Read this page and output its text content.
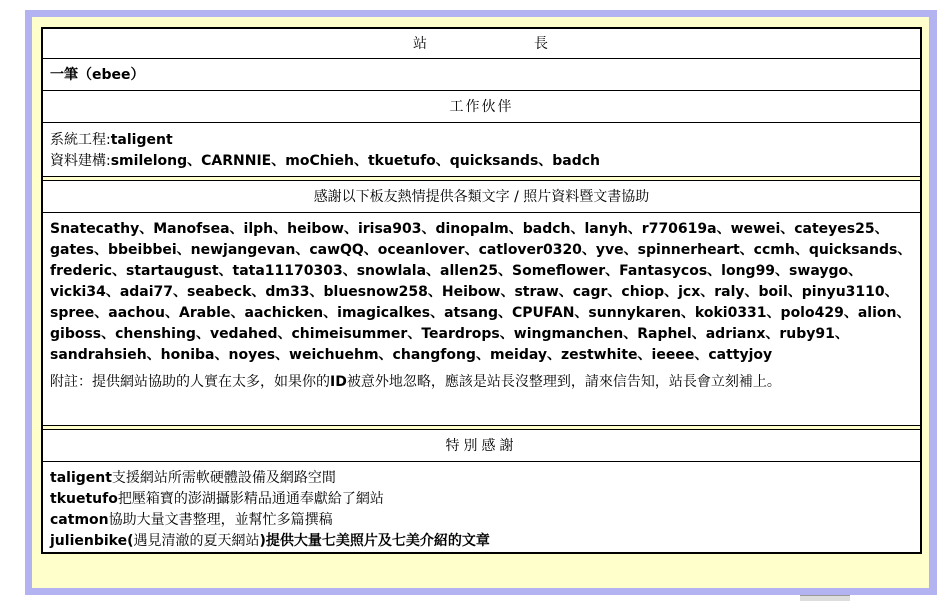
站	長
一筆（ebee）
工作伙伴
系統工程:taligent
資料建構:smilelong、CARNNIE、moChieh、tkuetufo、quicksands、badch
感謝以下板友熱情提供各類文字 / 照片資料暨文書協助
Snatecathy、Manofsea、ilph、heibow、irisa903、dinopalm、badch、lanyh、r770619a、wewei、cateyes25、gates、bbeibbei、newjangevan、cawQQ、oceanlover、catlover0320、yve、spinnerheart、ccmh、quicksands、frederic、startaugust、tata11170303、snowlala、allen25、Someflower、Fantasycos、long99、swaygo、vicki34、adai77、seabeck、dm33、bluesnow258、Heibow、straw、cagr、chiop、jcx、raly、boil、pinyu3110、spree、aachou、Arable、aachicken、imagicalkes、atsang、CPUFAN、sunnykaren、koki0331、polo429、alion、giboss、chenshing、vedahed、chimeisummer、Teardrops、wingmanchen、Raphel、adrianx、ruby91、sandrahsieh、honiba、noyes、weichuehm、changfong、meiday、zestwhite、ieeee、cattyjoy
附註：提供網站協助的人實在太多，如果你的ID被意外地忽略，應該是站長沒整理到，請來信告知，站長會立刻補上。
特別感謝
taligent支援網站所需軟硬體設備及網路空間
tkuetufo把壓箱寶的澎湖攝影精品通通奉獻給了網站
catmon協助大量文書整理，並幫忙多篇撰稿
julienbike(遇見清澈的夏天網站)提供大量七美照片及七美介紹的文章
